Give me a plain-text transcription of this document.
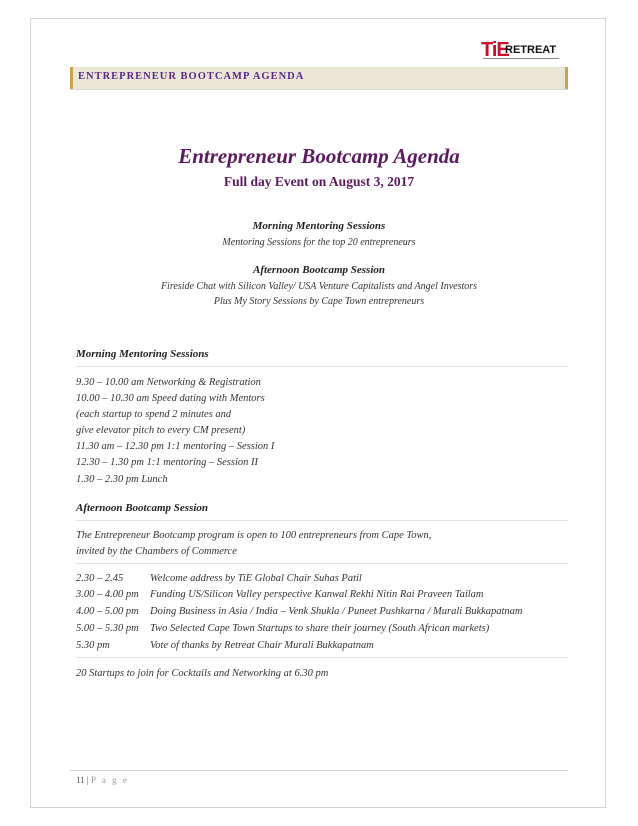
TiE
RETREAT
ENTREPRENEUR BOOTCAMP AGENDA
Entrepreneur Bootcamp Agenda
Full day Event on August 3, 2017
Morning Mentoring Sessions
Mentoring Sessions for the top 20 entrepreneurs
Afternoon Bootcamp Session
Fireside Chat with Silicon Valley/ USA Venture Capitalists and Angel Investors
Plus My Story Sessions by Cape Town entrepreneurs
Morning Mentoring Sessions
9.30 – 10.00 am Networking & Registration
10.00 – 10.30 am Speed dating with Mentors
(each startup to spend 2 minutes and
give elevator pitch to every CM present)
11.30 am – 12.30 pm 1:1 mentoring – Session I
12.30 – 1.30 pm 1:1 mentoring – Session II
1.30 – 2.30 pm Lunch
Afternoon Bootcamp Session
The Entrepreneur Bootcamp program is open to 100 entrepreneurs from Cape Town,
invited by the Chambers of Commerce
2.30 – 2.45	Welcome address by TiE Global Chair Suhas Patil
3.00 – 4.00 pm Funding US/Silicon Valley perspective Kanwal Rekhi Nitin Rai Praveen Tailam
4.00 – 5.00 pm Doing Business in Asia / India – Venk Shukla / Puneet Pushkarna / Murali Bukkapatnam
5.00 – 5.30 pm Two Selected Cape Town Startups to share their journey (South African markets)
5.30 pm	Vote of thanks by Retreat Chair Murali Bukkapatnam
20 Startups to join for Cocktails and Networking at 6.30 pm
11 | P a g e
